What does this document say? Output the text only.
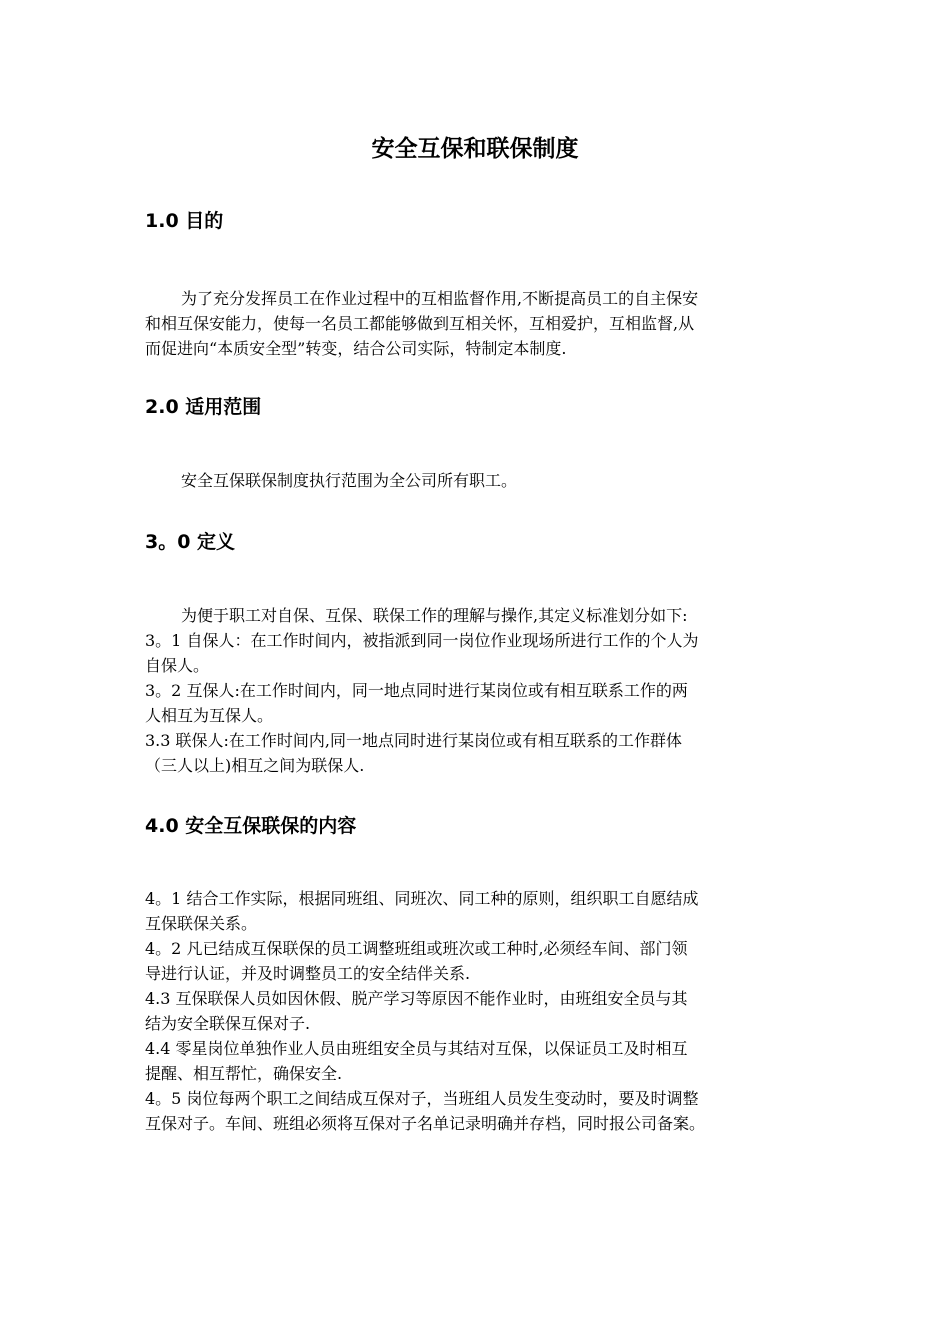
安全互保和联保制度
1.0 目的
为了充分发挥员工在作业过程中的互相监督作用,不断提高员工的自主保安
和相互保安能力，使每一名员工都能够做到互相关怀，互相爱护，互相监督,从
而促进向“本质安全型”转变，结合公司实际，特制定本制度.
2.0 适用范围
安全互保联保制度执行范围为全公司所有职工。
3。0 定义
为便于职工对自保、互保、联保工作的理解与操作,其定义标准划分如下:
3。1 自保人：在工作时间内，被指派到同一岗位作业现场所进行工作的个人为
自保人。
3。2 互保人:在工作时间内，同一地点同时进行某岗位或有相互联系工作的两
人相互为互保人。
3.3 联保人:在工作时间内,同一地点同时进行某岗位或有相互联系的工作群体
（三人以上)相互之间为联保人.
4.0 安全互保联保的内容
4。1 结合工作实际，根据同班组、同班次、同工种的原则，组织职工自愿结成
互保联保关系。
4。2 凡已结成互保联保的员工调整班组或班次或工种时,必须经车间、部门领
导进行认证，并及时调整员工的安全结伴关系.
4.3 互保联保人员如因休假、脱产学习等原因不能作业时，由班组安全员与其
结为安全联保互保对子.
4.4 零星岗位单独作业人员由班组安全员与其结对互保，以保证员工及时相互
提醒、相互帮忙，确保安全.
4。5 岗位每两个职工之间结成互保对子，当班组人员发生变动时，要及时调整
互保对子。车间、班组必须将互保对子名单记录明确并存档，同时报公司备案。
